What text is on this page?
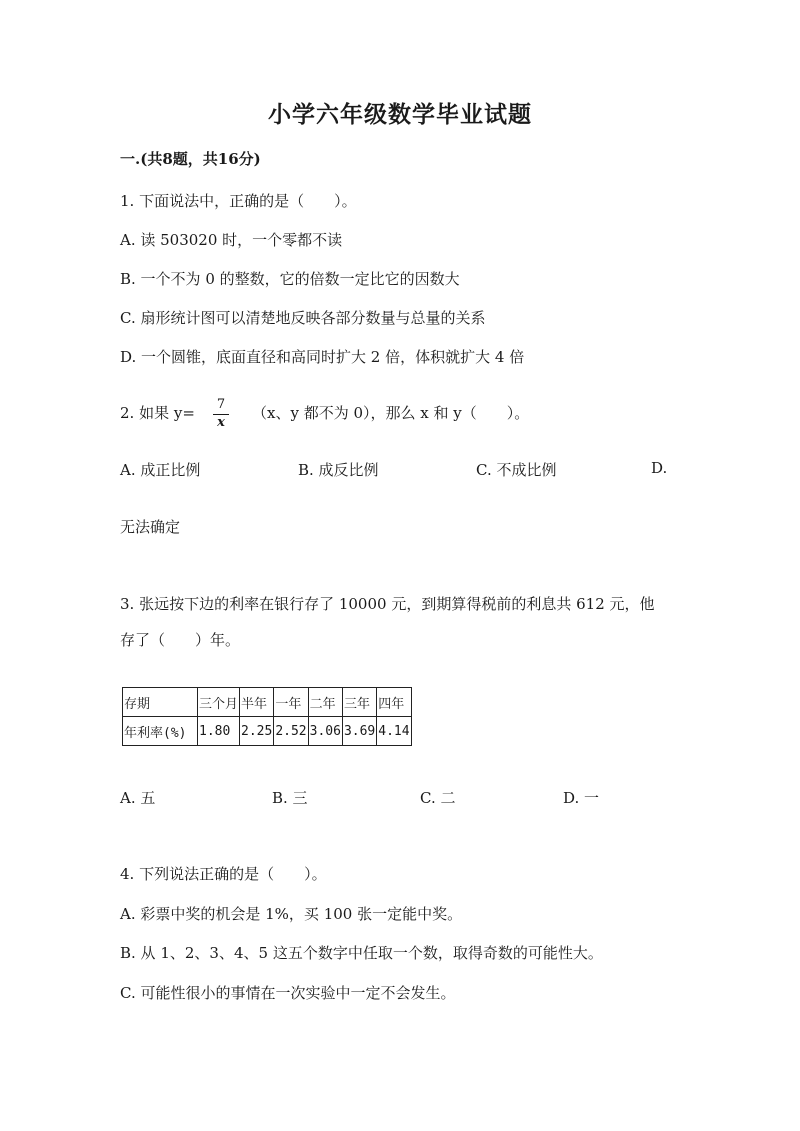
小学六年级数学毕业试题
一.(共8题，共16分)
1. 下面说法中，正确的是（　　）。
A. 读 503020 时，一个零都不读
B. 一个不为 0 的整数，它的倍数一定比它的因数大
C. 扇形统计图可以清楚地反映各部分数量与总量的关系
D. 一个圆锥，底面直径和高同时扩大 2 倍，体积就扩大 4 倍
2. 如果 y= 7
x
（x、y 都不为 0），那么 x 和 y（　　）。
A. 成正比例	B. 成反比例	C. 不成比例	D.
无法确定
3. 张远按下边的利率在银行存了 10000 元，到期算得税前的利息共 612 元，他
存了（　　）年。
存期	三个月	半年	一年	二年	三年	四年
年利率(%)	1.80	2.25	2.52	3.06	3.69	4.14
A. 五	B. 三	C. 二	D. 一
4. 下列说法正确的是（　　）。
A. 彩票中奖的机会是 1%，买 100 张一定能中奖。
B. 从 1、2、3、4、5 这五个数字中任取一个数，取得奇数的可能性大。
C. 可能性很小的事情在一次实验中一定不会发生。
